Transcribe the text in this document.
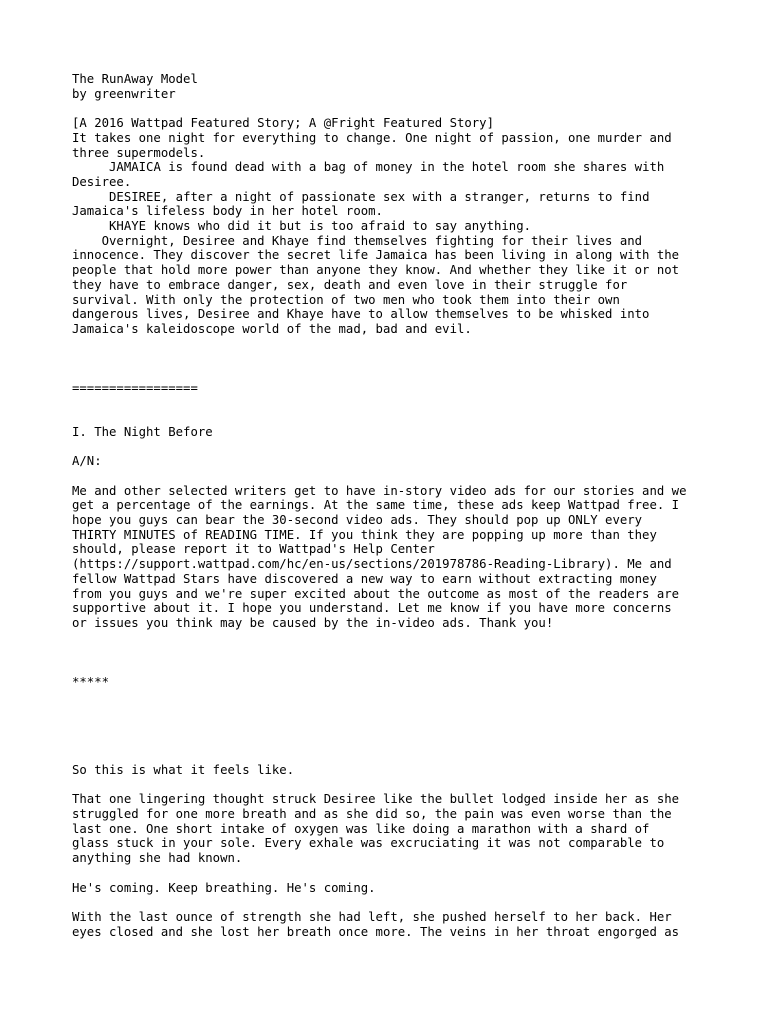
The RunAway Model

by greenwriter

[A 2016 Wattpad Featured Story; A @Fright Featured Story]
It takes one night for everything to change. One night of passion, one murder and
three supermodels.

JAMAICA is found dead with a bag of money in the hotel room she shares with
Desiree.

DESIREE, after a night of passionate sex with a stranger, returns to find
Jamaica's lifeless body in her hotel room.

KHAYE knows who did it but is too afraid to say anything.

Overnight, Desiree and Khaye find themselves fighting for their lives and
innocence. They discover the secret life Jamaica has been living in along with the
people that hold more power than anyone they know. And whether they like it or not
they have to embrace danger, sex, death and even love in their struggle for
survival. With only the protection of two men who took them into their own
dangerous lives, Desiree and Khaye have to allow themselves to be whisked into
Jamaica's kaleidoscope world of the mad, bad and evil.

=================

I. The Night Before

A/N:

Me and other selected writers get to have in-story video ads for our stories and we
get a percentage of the earnings. At the same time, these ads keep Wattpad free. I
hope you guys can bear the 30-second video ads. They should pop up ONLY every
THIRTY MINUTES of READING TIME. If you think they are popping up more than they
should, please report it to Wattpad's Help Center
(https://support.wattpad.com/hc/en-us/sections/201978786-Reading-Library). Me and
fellow Wattpad Stars have discovered a new way to earn without extracting money
from you guys and we're super excited about the outcome as most of the readers are
supportive about it. I hope you understand. Let me know if you have more concerns
or issues you think may be caused by the in-video ads. Thank you!

*****

So this is what it feels like.

That one lingering thought struck Desiree like the bullet lodged inside her as she
struggled for one more breath and as she did so, the pain was even worse than the
last one. One short intake of oxygen was like doing a marathon with a shard of
glass stuck in your sole. Every exhale was excruciating it was not comparable to
anything she had known.

He's coming. Keep breathing. He's coming.

With the last ounce of strength she had left, she pushed herself to her back. Her
eyes closed and she lost her breath once more. The veins in her throat engorged as
